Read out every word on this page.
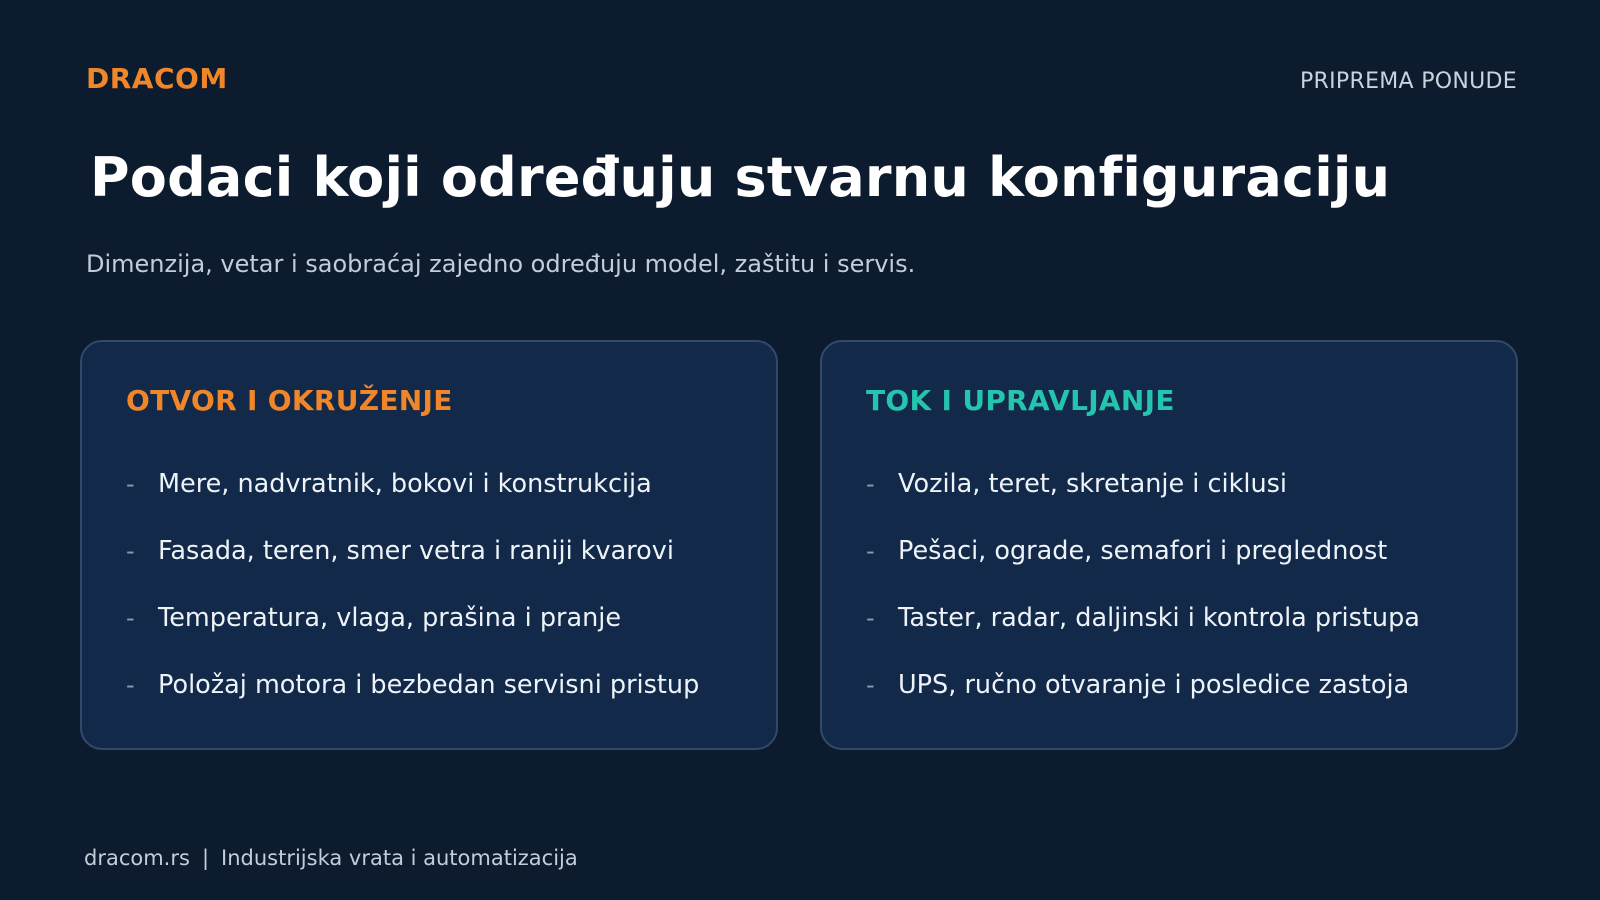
DRACOM	PRIPREMA PONUDE
Podaci koji određuju stvarnu konfiguraciju
Dimenzija, vetar i saobraćaj zajedno određuju model, zaštitu i servis.
OTVOR I OKRUŽENJE
- Mere, nadvratnik, bokovi i konstrukcija
- Fasada, teren, smer vetra i raniji kvarovi
- Temperatura, vlaga, prašina i pranje
- Položaj motora i bezbedan servisni pristup
TOK I UPRAVLJANJE
- Vozila, teret, skretanje i ciklusi
- Pešaci, ograde, semafori i preglednost
- Taster, radar, daljinski i kontrola pristupa
- UPS, ručno otvaranje i posledice zastoja
dracom.rs | Industrijska vrata i automatizacija
